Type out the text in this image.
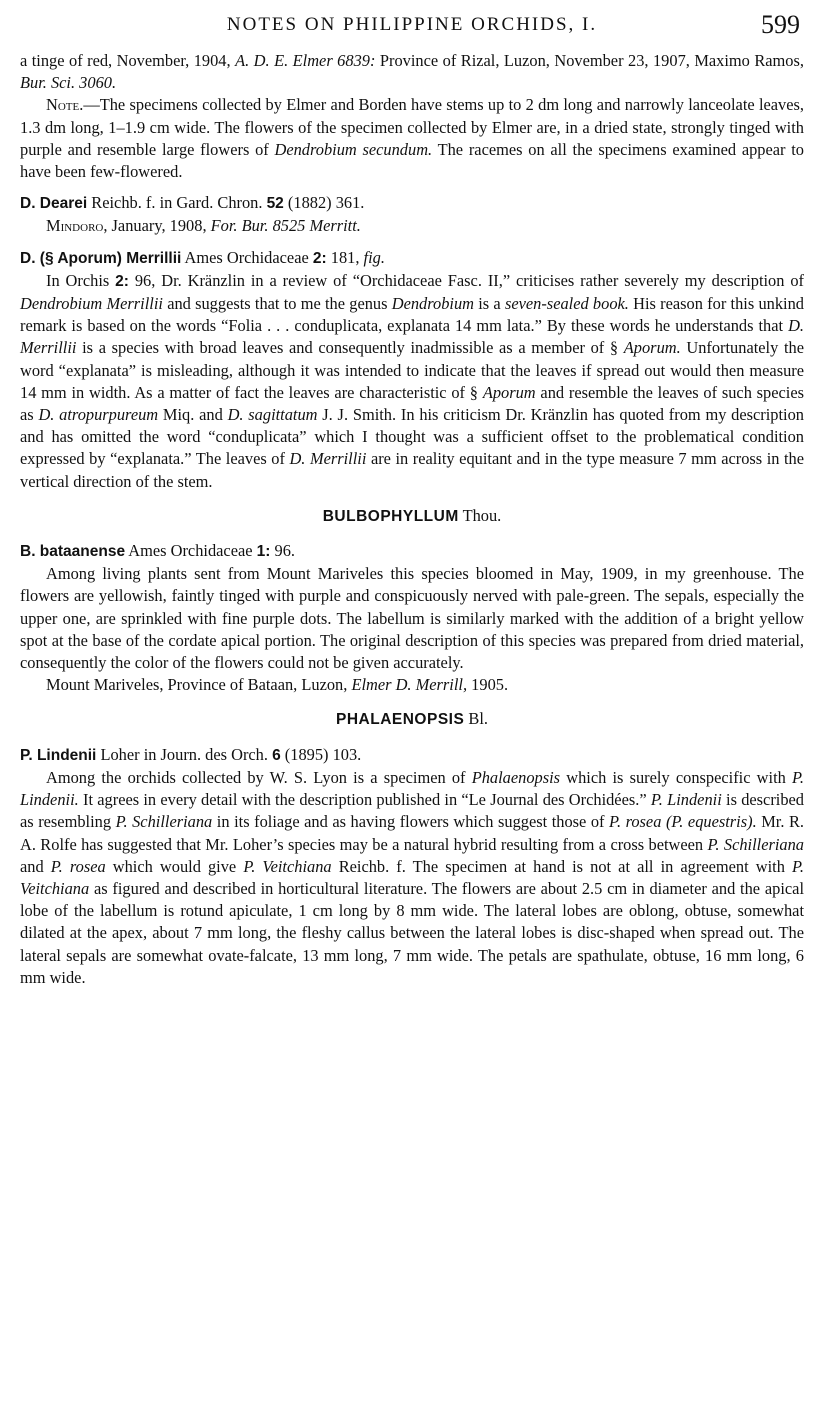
NOTES ON PHILIPPINE ORCHIDS, I.	599

a tinge of red, November, 1904, A. D. E. Elmer 6839: Province of Rizal, Luzon, November 23, 1907, Maximo Ramos, Bur. Sci. 3060.

Note.—The specimens collected by Elmer and Borden have stems up to 2 dm long and narrowly lanceolate leaves, 1.3 dm long, 1–1.9 cm wide. The flowers of the specimen collected by Elmer are, in a dried state, strongly tinged with purple and resemble large flowers of Dendrobium secundum. The racemes on all the specimens examined appear to have been few-flowered.

D. Dearei Reichb. f. in Gard. Chron. 52 (1882) 361.

Mindoro, January, 1908, For. Bur. 8525 Merritt.

D. (§ Aporum) Merrillii Ames Orchidaceae 2: 181, fig.

In Orchis 2: 96, Dr. Kränzlin in a review of “Orchidaceae Fasc. II,” criticises rather severely my description of Dendrobium Merrillii and suggests that to me the genus Dendrobium is a seven-sealed book. His reason for this unkind remark is based on the words “Folia . . . conduplicata, explanata 14 mm lata.” By these words he understands that D. Merrillii is a species with broad leaves and consequently inadmissible as a member of § Aporum. Unfortunately the word “explanata” is misleading, although it was intended to indicate that the leaves if spread out would then measure 14 mm in width. As a matter of fact the leaves are characteristic of § Aporum and resemble the leaves of such species as D. atropurpureum Miq. and D. sagittatum J. J. Smith. In his criticism Dr. Kränzlin has quoted from my description and has omitted the word “conduplicata” which I thought was a sufficient offset to the problematical condition expressed by “explanata.” The leaves of D. Merrillii are in reality equitant and in the type measure 7 mm across in the vertical direction of the stem.

BULBOPHYLLUM Thou.

B. bataanense Ames Orchidaceae 1: 96.

Among living plants sent from Mount Mariveles this species bloomed in May, 1909, in my greenhouse. The flowers are yellowish, faintly tinged with purple and conspicuously nerved with pale-green. The sepals, especially the upper one, are sprinkled with fine purple dots. The labellum is similarly marked with the addition of a bright yellow spot at the base of the cordate apical portion. The original description of this species was prepared from dried material, consequently the color of the flowers could not be given accurately.

Mount Mariveles, Province of Bataan, Luzon, Elmer D. Merrill, 1905.

PHALAENOPSIS Bl.

P. Lindenii Loher in Journ. des Orch. 6 (1895) 103.

Among the orchids collected by W. S. Lyon is a specimen of Phalaenopsis which is surely conspecific with P. Lindenii. It agrees in every detail with the description published in “Le Journal des Orchidées.” P. Lindenii is described as resembling P. Schilleriana in its foliage and as having flowers which suggest those of P. rosea (P. equestris). Mr. R. A. Rolfe has suggested that Mr. Loher’s species may be a natural hybrid resulting from a cross between P. Schilleriana and P. rosea which would give P. Veitchiana Reichb. f. The specimen at hand is not at all in agreement with P. Veitchiana as figured and described in horticultural literature. The flowers are about 2.5 cm in diameter and the apical lobe of the labellum is rotund apiculate, 1 cm long by 8 mm wide. The lateral lobes are oblong, obtuse, somewhat dilated at the apex, about 7 mm long, the fleshy callus between the lateral lobes is disc-shaped when spread out. The lateral sepals are somewhat ovate-falcate, 13 mm long, 7 mm wide. The petals are spathulate, obtuse, 16 mm long, 6 mm wide.
